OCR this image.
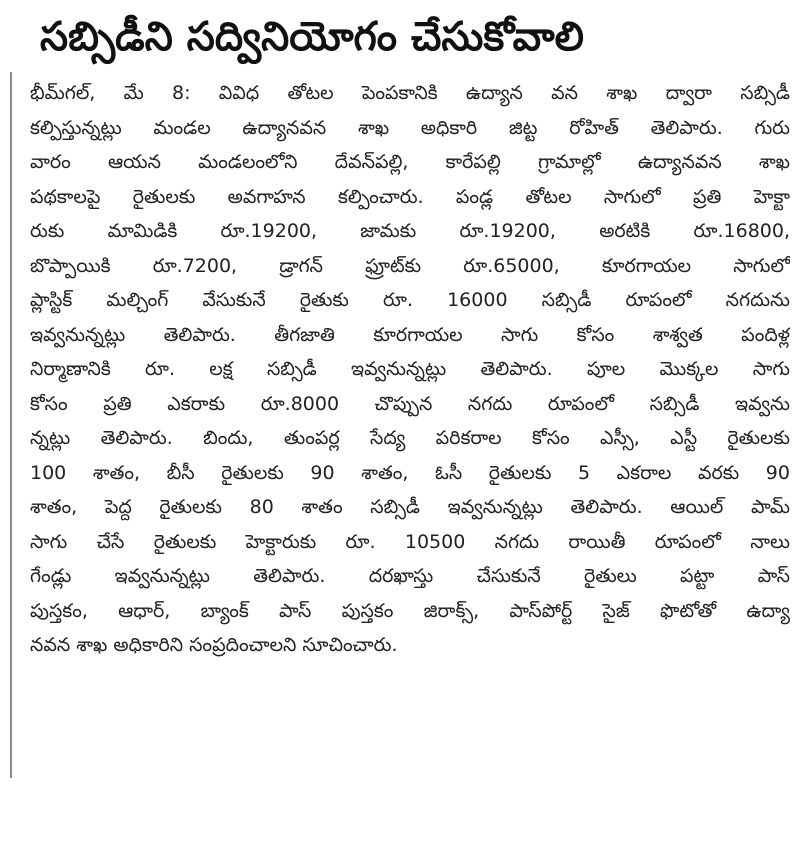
సబ్సిడీని సద్వినియోగం చేసుకోవాలి
భీమ్‌గల్, మే 8: వివిధ తోటల పెంపకానికి ఉద్యాన వన శాఖ ద్వారా సబ్సిడీ
కల్పిస్తున్నట్లు మండల ఉద్యానవన శాఖ అధికారి జిట్ట రోహిత్ తెలిపారు. గురు
వారం ఆయన మండలంలోని దేవన్‌పల్లి, కారేపల్లి గ్రామాల్లో ఉద్యానవన శాఖ
పథకాలపై రైతులకు అవగాహన కల్పించారు. పండ్ల తోటల సాగులో ప్రతి హెక్టా
రుకు మామిడికి రూ.19200, జామకు రూ.19200, అరటికి రూ.16800,
బొప్పాయికి రూ.7200, డ్రాగన్ ఫ్రూట్‌కు రూ.65000, కూరగాయల సాగులో
ప్లాస్టిక్ మల్చింగ్ వేసుకునే రైతుకు రూ. 16000 సబ్సిడీ రూపంలో నగదును
ఇవ్వనున్నట్లు తెలిపారు. తీగజాతి కూరగాయల సాగు కోసం శాశ్వత పందిళ్ల
నిర్మాణానికి రూ. లక్ష సబ్సిడీ ఇవ్వనున్నట్లు తెలిపారు. పూల మొక్కల సాగు
కోసం ప్రతి ఎకరాకు రూ.8000 చొప్పున నగదు రూపంలో సబ్సిడీ ఇవ్వను
న్నట్లు తెలిపారు. బిందు, తుంపర్ల సేద్య పరికరాల కోసం ఎస్సీ, ఎస్టీ రైతులకు
100 శాతం, బీసీ రైతులకు 90 శాతం, ఓసీ రైతులకు 5 ఎకరాల వరకు 90
శాతం, పెద్ద రైతులకు 80 శాతం సబ్సిడీ ఇవ్వనున్నట్లు తెలిపారు. ఆయిల్ పామ్
సాగు చేసే రైతులకు హెక్టారుకు రూ. 10500 నగదు రాయితీ రూపంలో నాలు
గేండ్లు ఇవ్వనున్నట్లు తెలిపారు. దరఖాస్తు చేసుకునే రైతులు పట్టా పాస్
పుస్తకం, ఆధార్, బ్యాంక్ పాస్ పుస్తకం జిరాక్స్, పాస్‌పోర్ట్ సైజ్ ఫొటోతో ఉద్యా
నవన శాఖ అధికారిని సంప్రదించాలని సూచించారు.
